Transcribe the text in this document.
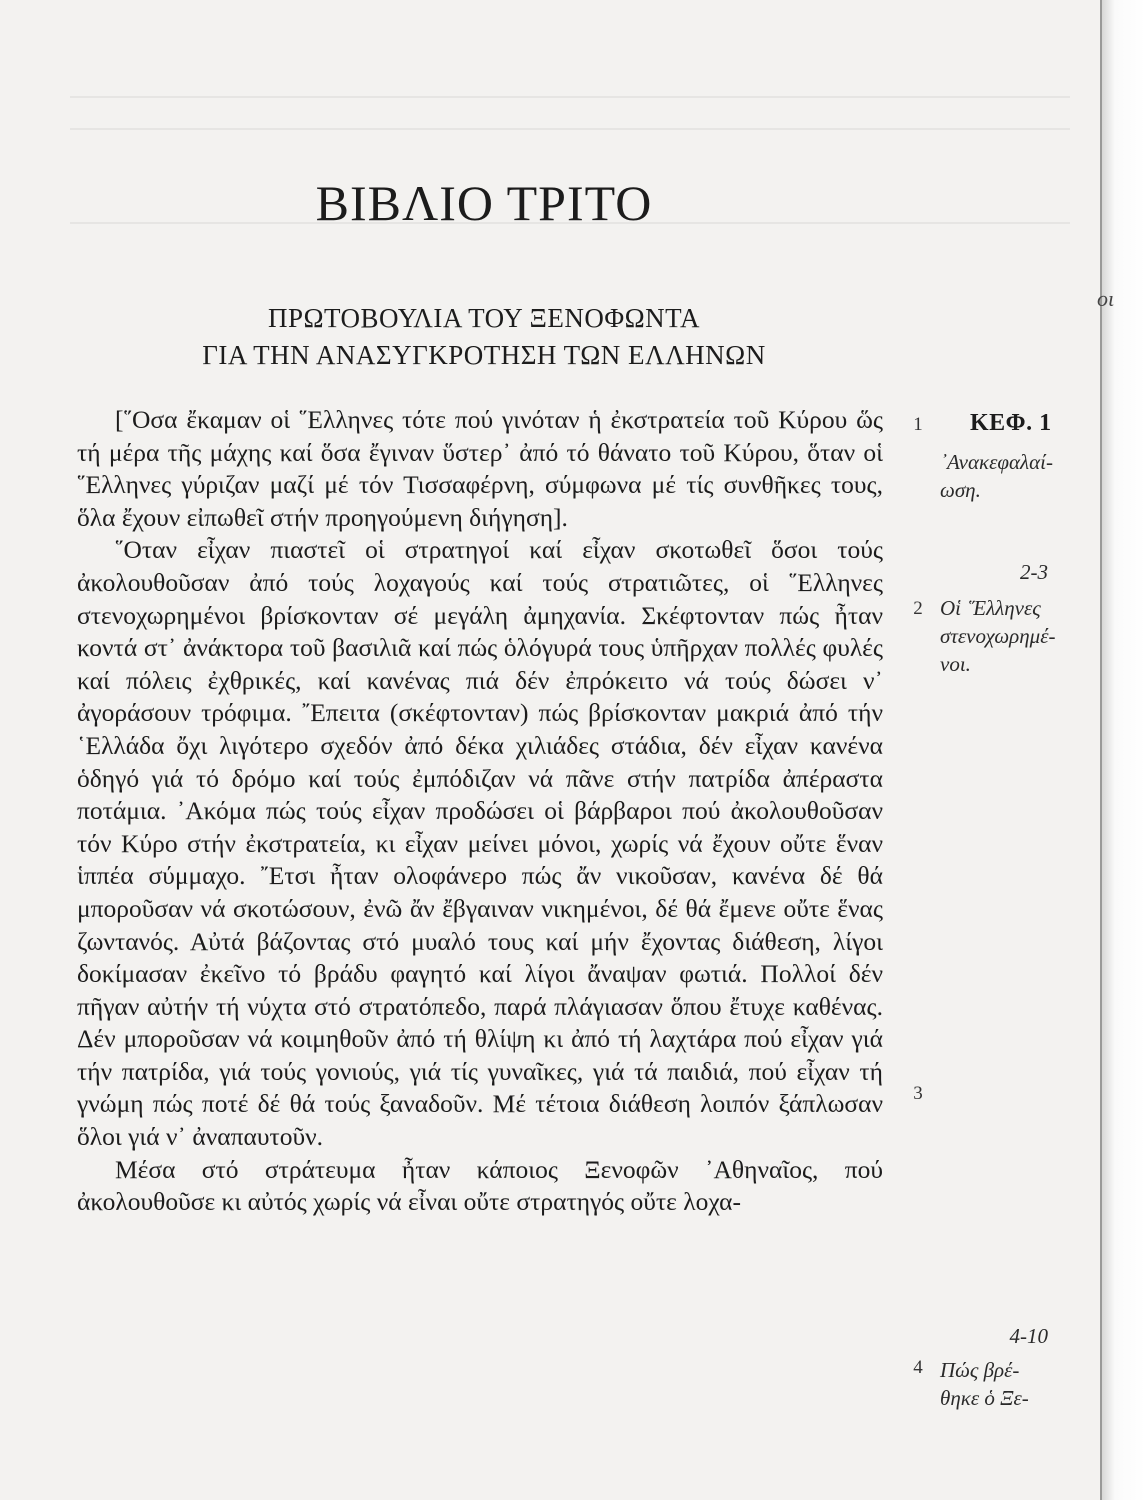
ΒΙΒΛΙΟ ΤΡΙΤΟ
ΠΡΩΤΟΒΟΥΛΙΑ ΤΟΥ ΞΕΝΟΦΩΝΤΑ
ΓΙΑ ΤΗΝ ΑΝΑΣΥΓΚΡΟΤΗΣΗ ΤΩΝ ΕΛΛΗΝΩΝ

[῞Οσα ἔκαμαν οἱ ῞Ελληνες τότε πού γινόταν ἡ ἐκστρατεία τοῦ Κύρου ὥς τή μέρα τῆς μάχης καί ὅσα ἔγιναν ὕστερ᾽ ἀπό τό θάνατο τοῦ Κύρου, ὅταν οἱ ῞Ελληνες γύριζαν μαζί μέ τόν Τισσαφέρνη, σύμφωνα μέ τίς συνθῆκες τους, ὅλα ἔχουν εἰπωθεῖ στήν προηγούμενη διήγηση].

῞Οταν εἶχαν πιαστεῖ οἱ στρατηγοί καί εἶχαν σκοτωθεῖ ὅσοι τούς ἀκολουθοῦσαν ἀπό τούς λοχαγούς καί τούς στρατιῶτες, οἱ ῞Ελληνες στενοχωρημένοι βρίσκονταν σέ μεγάλη ἀμηχανία. Σκέφτονταν πώς ἦταν κοντά στ᾽ ἀνάκτορα τοῦ βασιλιᾶ καί πώς ὁλόγυρά τους ὑπῆρχαν πολλές φυλές καί πόλεις ἐχθρικές, καί κανένας πιά δέν ἐπρόκειτο νά τούς δώσει ν᾽ ἀγοράσουν τρόφιμα. ῎Επειτα (σκέφτονταν) πώς βρίσκονταν μακριά ἀπό τήν ῾Ελλάδα ὄχι λιγότερο σχεδόν ἀπό δέκα χιλιάδες στάδια, δέν εἶχαν κανένα ὁδηγό γιά τό δρόμο καί τούς ἐμπόδιζαν νά πᾶνε στήν πατρίδα ἀπέραστα ποτάμια. ᾽Ακόμα πώς τούς εἶχαν προδώσει οἱ βάρβαροι πού ἀκολουθοῦσαν τόν Κύρο στήν ἐκστρατεία, κι εἶχαν μείνει μόνοι, χωρίς νά ἔχουν οὔτε ἕναν ἱππέα σύμμαχο. ῎Ετσι ἦταν ολοφάνερο πώς ἄν νικοῦσαν, κανένα δέ θά μποροῦσαν νά σκοτώσουν, ἐνῶ ἄν ἔβγαιναν νικημένοι, δέ θά ἔμενε οὔτε ἕνας ζωντανός. Αὐτά βάζοντας στό μυαλό τους καί μήν ἔχοντας διάθεση, λίγοι δοκίμασαν ἐκεῖνο τό βράδυ φαγητό καί λίγοι ἄναψαν φωτιά. Πολλοί δέν πῆγαν αὐτήν τή νύχτα στό στρατόπεδο, παρά πλάγιασαν ὅπου ἔτυχε καθένας. Δέν μποροῦσαν νά κοιμηθοῦν ἀπό τή θλίψη κι ἀπό τή λαχτάρα πού εἶχαν γιά τήν πατρίδα, γιά τούς γονιούς, γιά τίς γυναῖκες, γιά τά παιδιά, πού εἶχαν τή γνώμη πώς ποτέ δέ θά τούς ξαναδοῦν. Μέ τέτοια διάθεση λοιπόν ξάπλωσαν ὅλοι γιά ν᾽ ἀναπαυτοῦν.

Μέσα στό στράτευμα ἦταν κάποιος Ξενοφῶν ᾽Αθηναῖος, πού ἀκολουθοῦσε κι αὐτός χωρίς νά εἶναι οὔτε στρατηγός οὔτε λοχα-

1
2
3
4
ΚΕΦ. 1
᾽Ανακεφαλαί-
ωση.
2-3
Οἱ ῞Ελληνες
στενοχωρημέ-
νοι.
4-10
Πώς βρέ-
θηκε ὁ Ξε-
οι
